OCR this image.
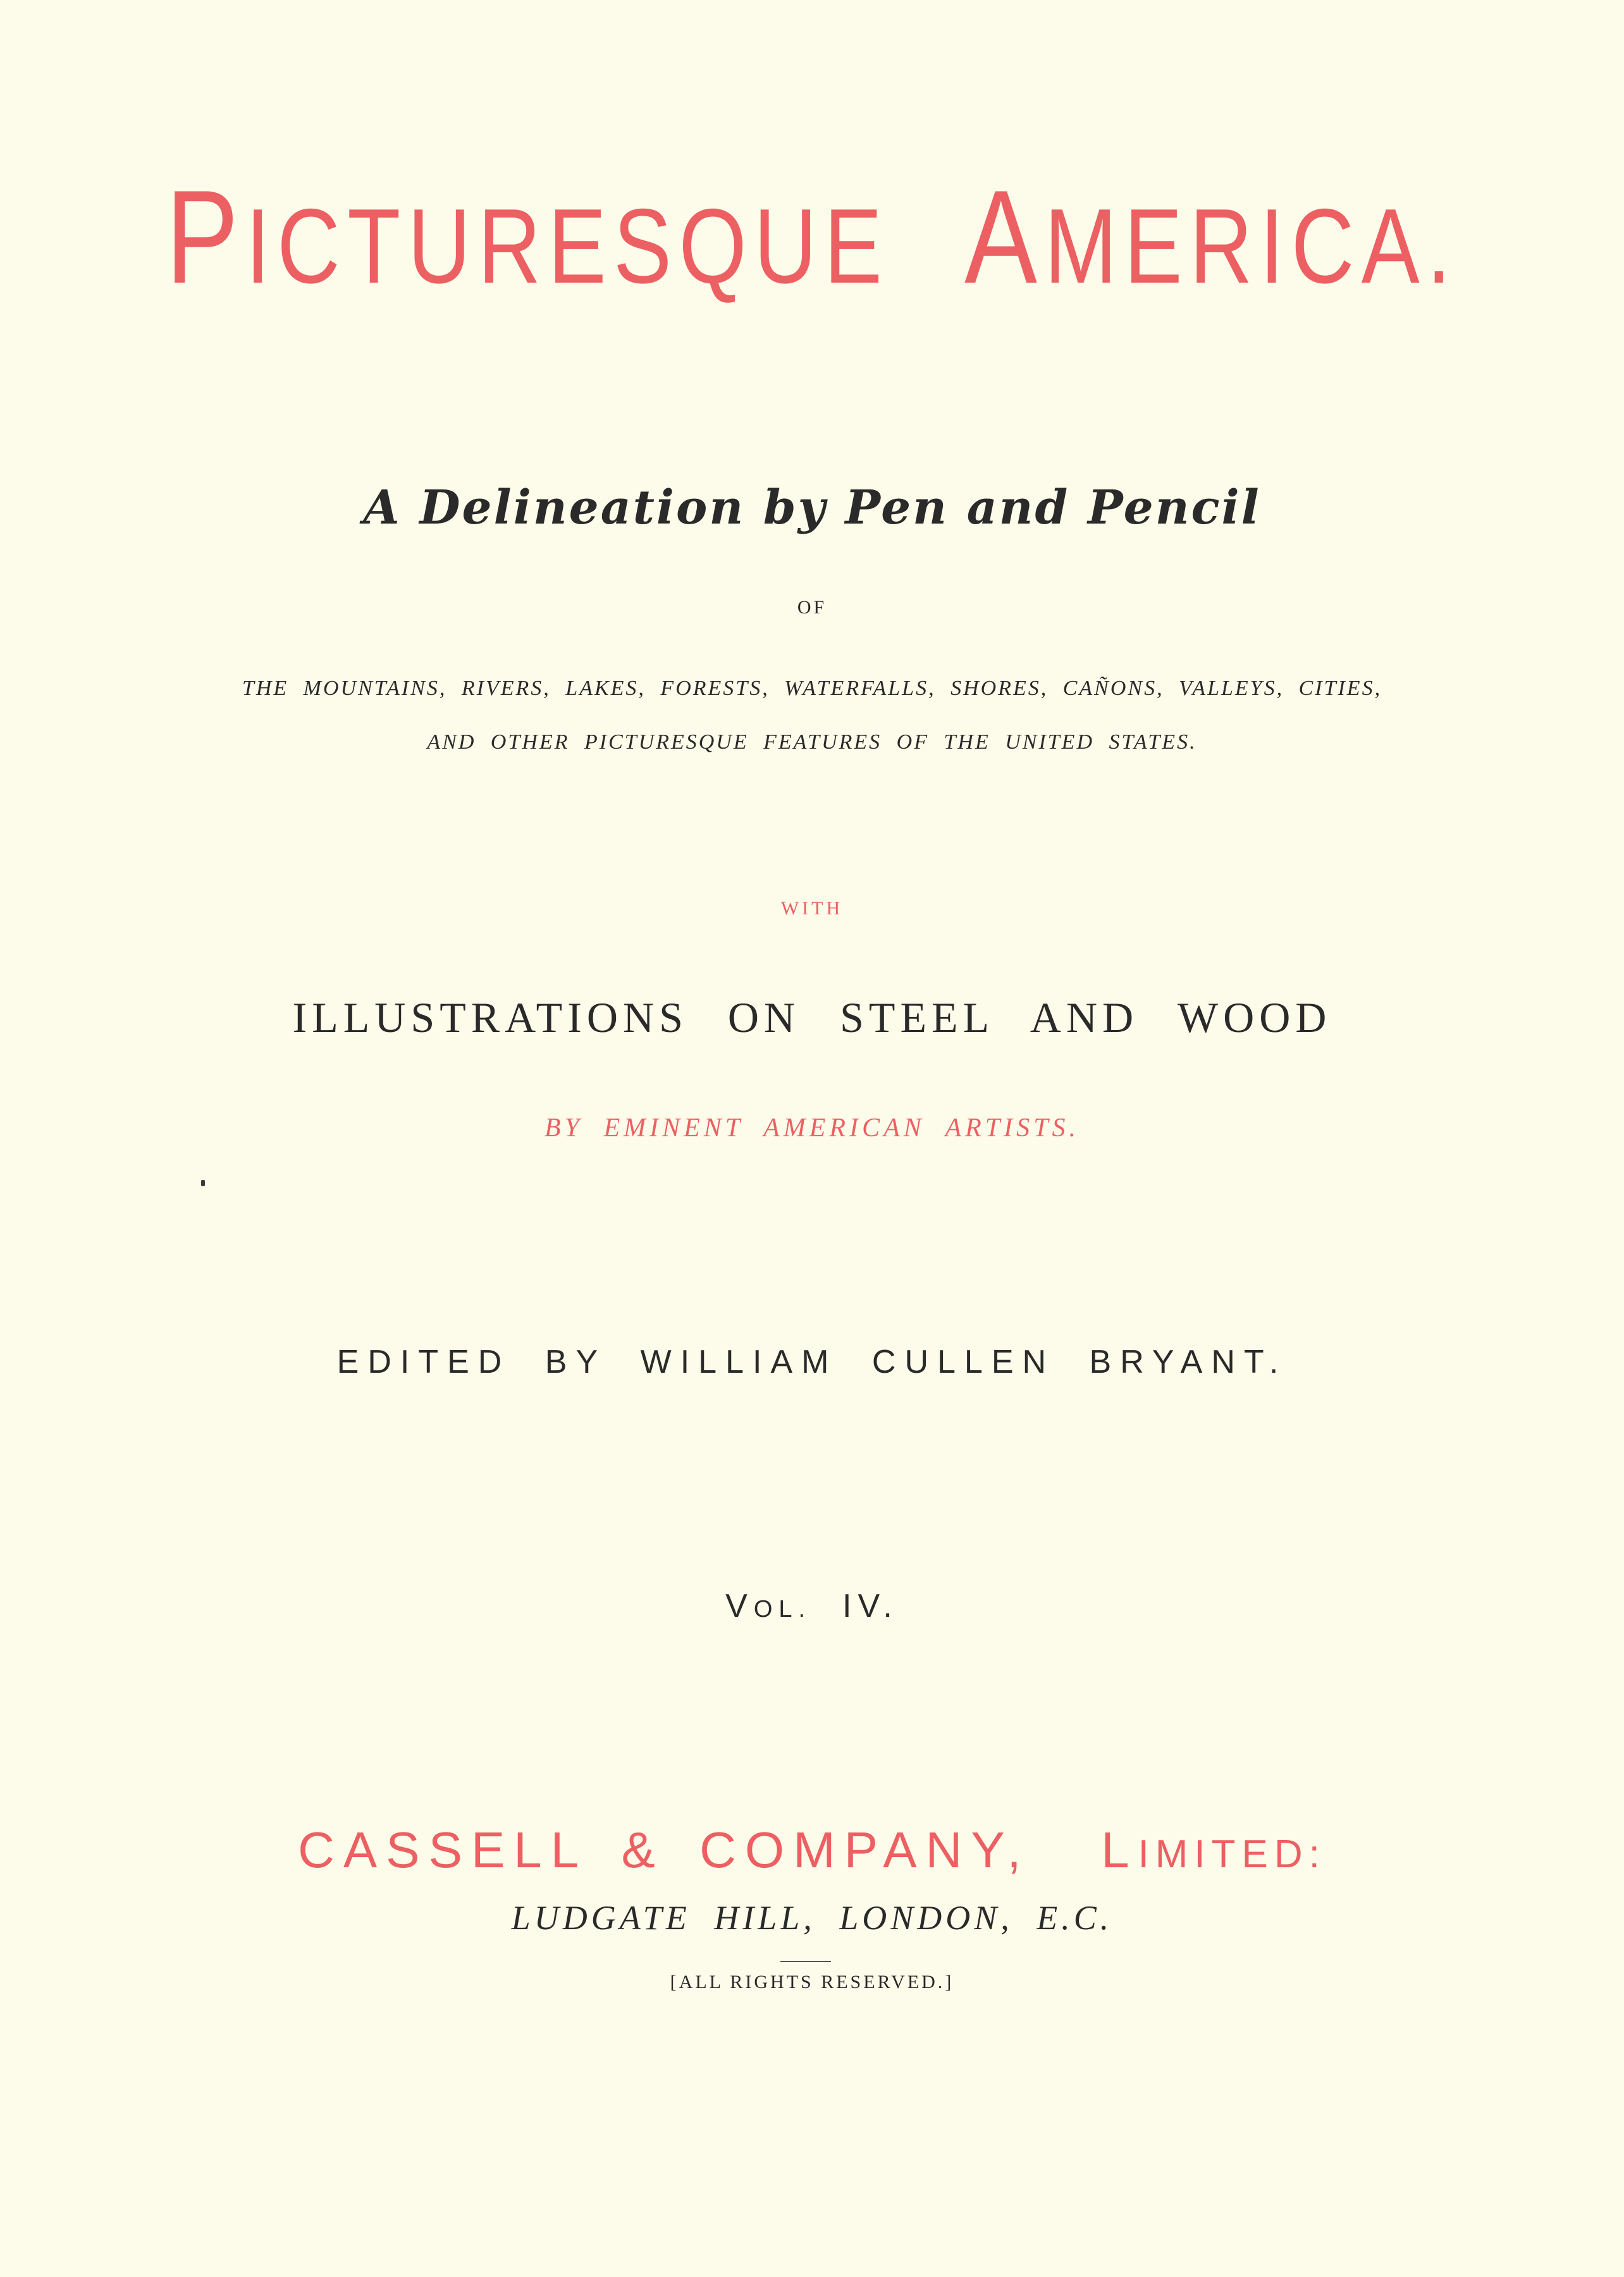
PICTURESQUE AMERICA.
A Delineation by Pen and Pencil
OF
THE MOUNTAINS, RIVERS, LAKES, FORESTS, WATERFALLS, SHORES, CAÑONS, VALLEYS, CITIES,
AND OTHER PICTURESQUE FEATURES OF THE UNITED STATES.
WITH
ILLUSTRATIONS ON STEEL AND WOOD
BY EMINENT AMERICAN ARTISTS.
EDITED BY WILLIAM CULLEN BRYANT.
VOL. IV.
CASSELL & COMPANY, LIMITED:
LUDGATE HILL, LONDON, E.C.
[ALL RIGHTS RESERVED.]
